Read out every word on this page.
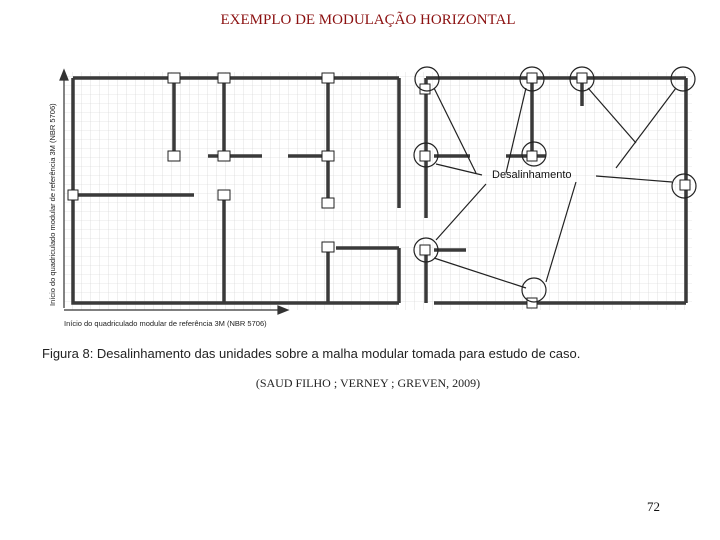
EXEMPLO DE MODULAÇÃO HORIZONTAL
Início do quadriculado modular de referência 3M (NBR 5706)
Início do quadriculado modular de referência 3M (NBR 5706)
Desalinhamento
Figura 8: Desalinhamento das unidades sobre a malha modular tomada para estudo de caso.
(SAUD FILHO ; VERNEY ; GREVEN, 2009)
72
